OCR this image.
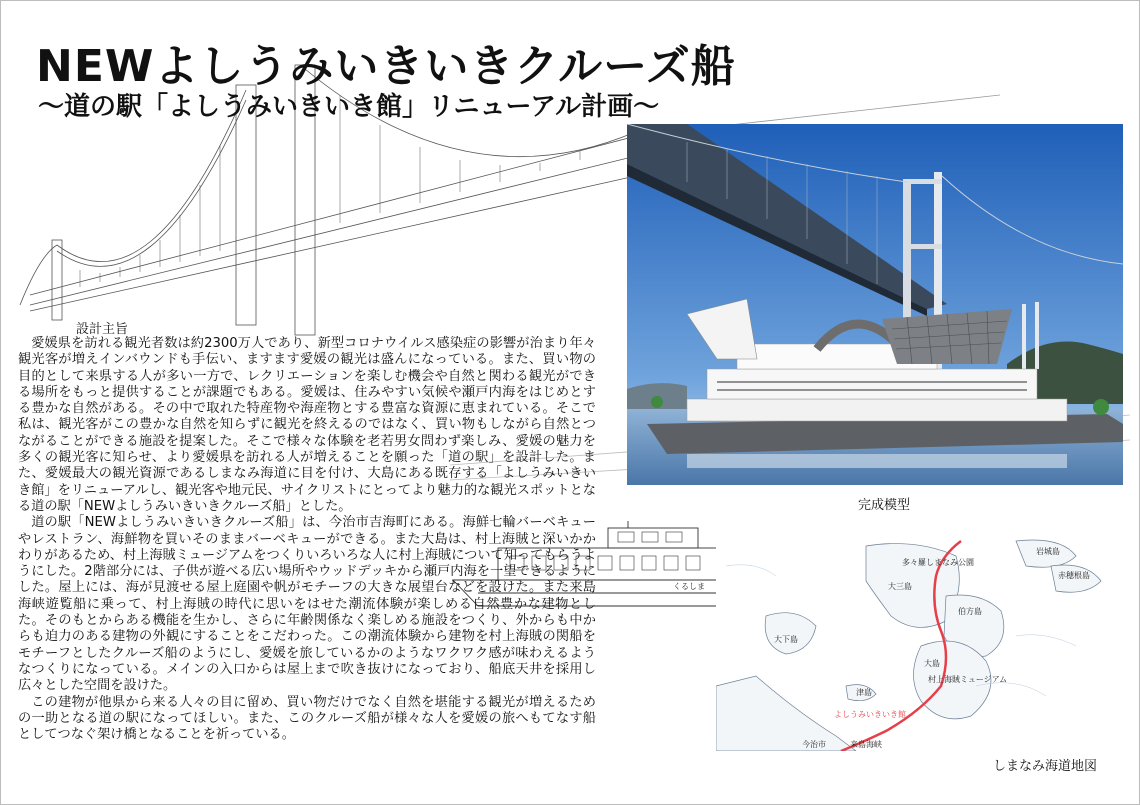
くるしま
NEWよしうみいきいきクルーズ船
～道の駅「よしうみいきいき館」リニューアル計画～
設計主旨

愛媛県を訪れる観光者数は約2300万人であり、新型コロナウイルス感染症の影響が治まり年々観光客が増えインバウンドも手伝い、ますます愛媛の観光は盛んになっている。また、買い物の目的として来県する人が多い一方で、レクリエーションを楽しむ機会や自然と関わる観光ができる場所をもっと提供することが課題でもある。愛媛は、住みやすい気候や瀬戸内海をはじめとする豊かな自然がある。その中で取れた特産物や海産物とする豊富な資源に恵まれている。そこで私は、観光客がこの豊かな自然を知らずに観光を終えるのではなく、買い物もしながら自然とつながることができる施設を提案した。そこで様々な体験を老若男女問わず楽しみ、愛媛の魅力を多くの観光客に知らせ、より愛媛県を訪れる人が増えることを願った「道の駅」を設計した。また、愛媛最大の観光資源であるしまなみ海道に目を付け、大島にある既存する「よしうみいきいき館」をリニューアルし、観光客や地元民、サイクリストにとってより魅力的な観光スポットとなる道の駅「NEWよしうみいきいきクルーズ船」とした。

道の駅「NEWよしうみいきいきクルーズ船」は、今治市吉海町にある。海鮮七輪バーベキューやレストラン、海鮮物を買いそのままバーベキューができる。また大島は、村上海賊と深いかかわりがあるため、村上海賊ミュージアムをつくりいろいろな人に村上海賊について知ってもらうようにした。2階部分には、子供が遊べる広い場所やウッドデッキから瀬戸内海を一望できるようにした。屋上には、海が見渡せる屋上庭園や帆がモチーフの大きな展望台などを設けた。また来島海峡遊覧船に乗って、村上海賊の時代に思いをはせた潮流体験が楽しめる自然豊かな建物とした。そのもとからある機能を生かし、さらに年齢関係なく楽しめる施設をつくり、外からも中からも迫力のある建物の外観にすることをこだわった。この潮流体験から建物を村上海賊の関船をモチーフとしたクルーズ船のようにし、愛媛を旅しているかのようなワクワク感が味わえるようなつくりになっている。メインの入口からは屋上まで吹き抜けになっており、船底天井を採用し広々とした空間を設けた。

この建物が他県から来る人々の目に留め、買い物だけでなく自然を堪能する観光が増えるための一助となる道の駅になってほしい。また、このクルーズ船が様々な人を愛媛の旅へもてなす船としてつなぐ架け橋となることを祈っている。

完成模型
多々羅しまなみ公園
岩城島
赤穂根島
大三島
伯方島
大下島
大島
村上海賊ミュージアム
津島
よしうみいきいき館
今治市	来島海峡
しまなみ海道地図
